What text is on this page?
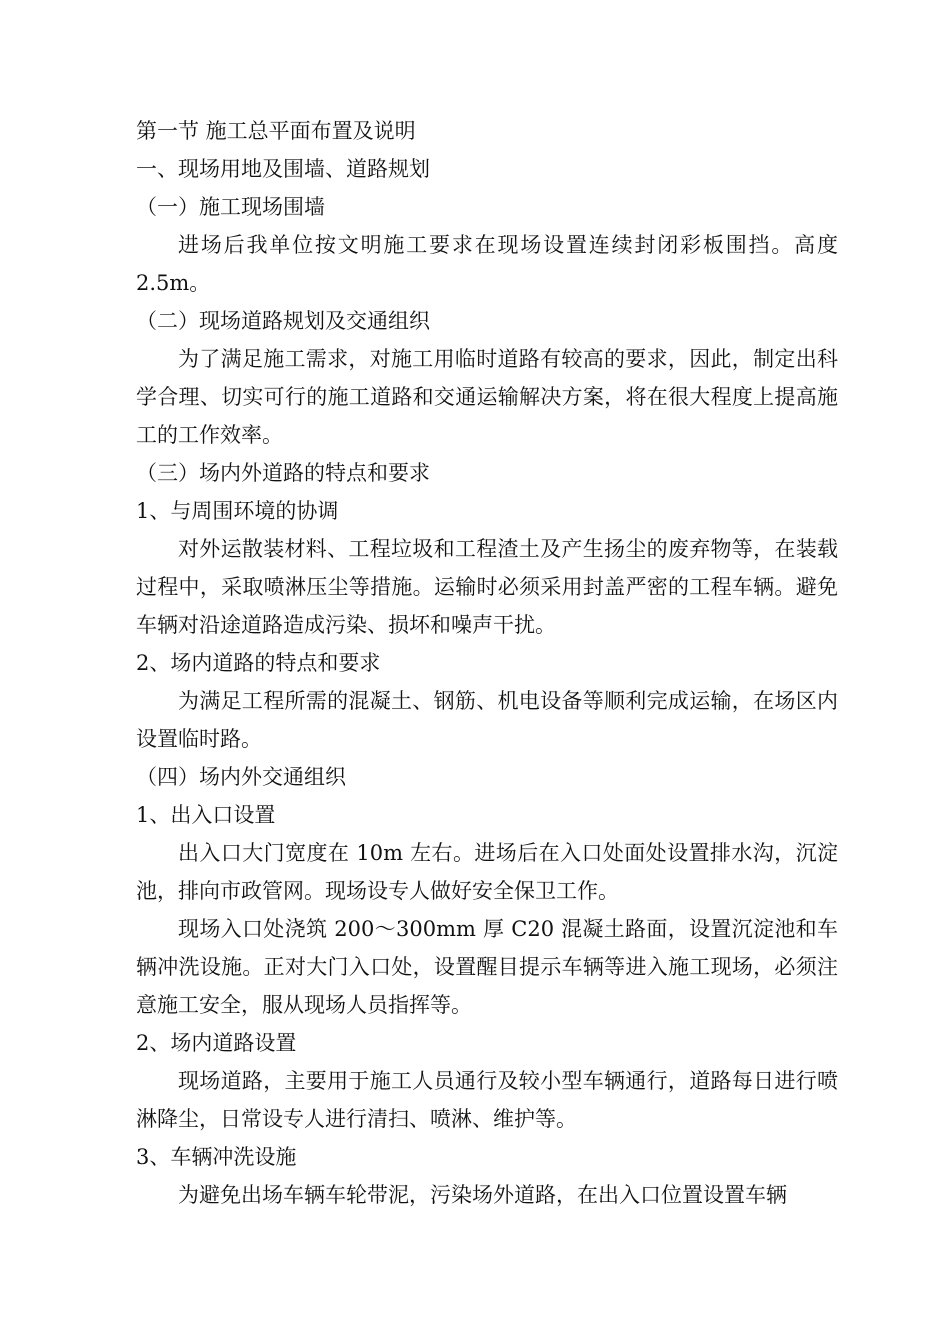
第一节 施工总平面布置及说明
一、现场用地及围墙、道路规划
（一）施工现场围墙

进场后我单位按文明施工要求在现场设置连续封闭彩板围挡。高度2.5m。

（二）现场道路规划及交通组织

为了满足施工需求，对施工用临时道路有较高的要求，因此，制定出科学合理、切实可行的施工道路和交通运输解决方案，将在很大程度上提高施工的工作效率。

（三）场内外道路的特点和要求
1、与周围环境的协调

对外运散装材料、工程垃圾和工程渣土及产生扬尘的废弃物等，在装载过程中，采取喷淋压尘等措施。运输时必须采用封盖严密的工程车辆。避免车辆对沿途道路造成污染、损坏和噪声干扰。

2、场内道路的特点和要求

为满足工程所需的混凝土、钢筋、机电设备等顺利完成运输，在场区内设置临时路。

（四）场内外交通组织
1、出入口设置

出入口大门宽度在 10m 左右。进场后在入口处面处设置排水沟，沉淀池，排向市政管网。现场设专人做好安全保卫工作。

现场入口处浇筑 200～300mm 厚 C20 混凝土路面，设置沉淀池和车辆冲洗设施。正对大门入口处，设置醒目提示车辆等进入施工现场，必须注意施工安全，服从现场人员指挥等。

2、场内道路设置

现场道路，主要用于施工人员通行及较小型车辆通行，道路每日进行喷淋降尘，日常设专人进行清扫、喷淋、维护等。

3、车辆冲洗设施

为避免出场车辆车轮带泥，污染场外道路，在出入口位置设置车辆
